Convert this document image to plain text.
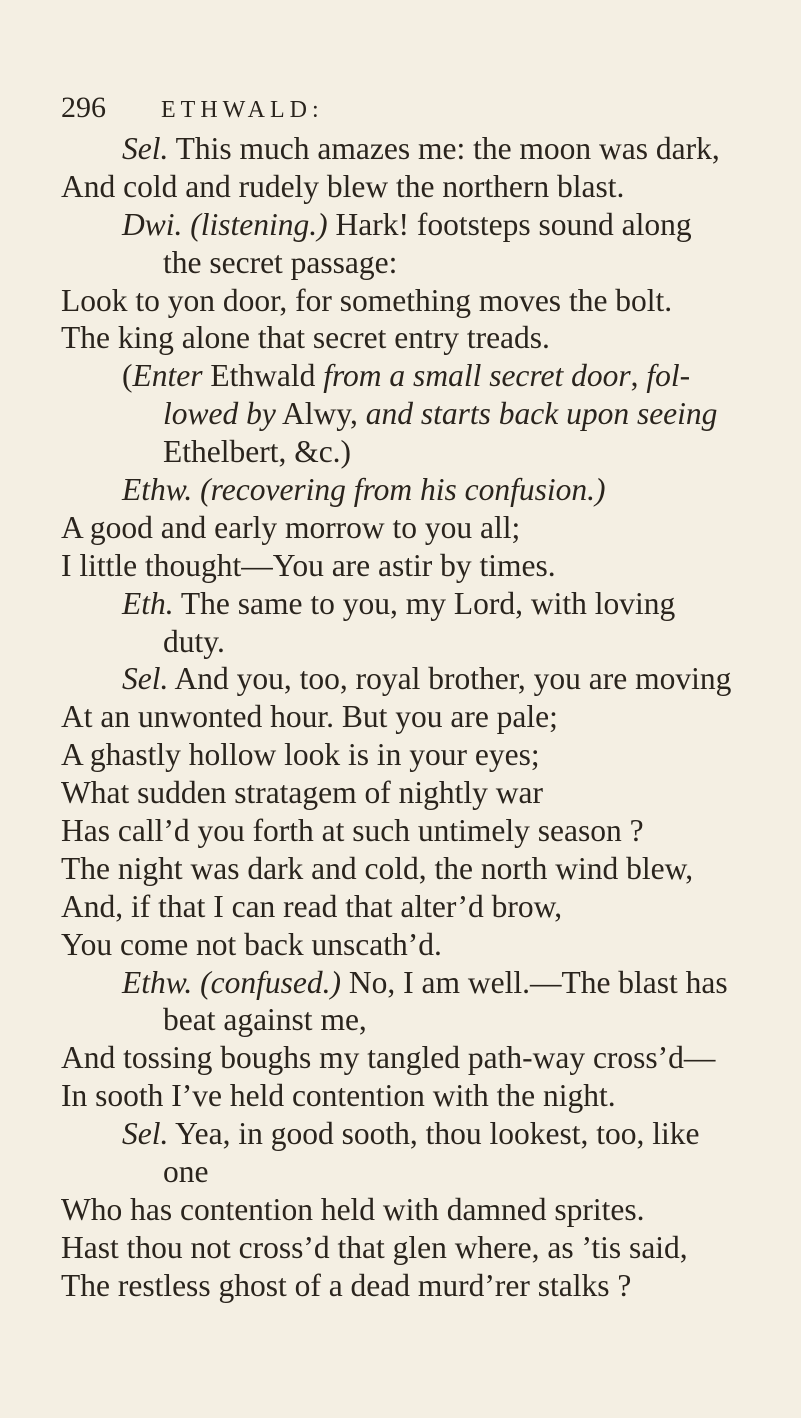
296 ETHWALD:
Sel. This much amazes me: the moon was dark,
And cold and rudely blew the northern blast.
Dwi. (listening.) Hark! footsteps sound along
the secret passage:
Look to yon door, for something moves the bolt.
The king alone that secret entry treads.
(Enter Ethwald from a small secret door, fol-
lowed by Alwy, and starts back upon seeing
Ethelbert, &c.)
Ethw. (recovering from his confusion.)
A good and early morrow to you all;
I little thought—You are astir by times.
Eth. The same to you, my Lord, with loving
duty.
Sel. And you, too, royal brother, you are moving
At an unwonted hour. But you are pale;
A ghastly hollow look is in your eyes;
What sudden stratagem of nightly war
Has call’d you forth at such untimely season ?
The night was dark and cold, the north wind blew,
And, if that I can read that alter’d brow,
You come not back unscath’d.
Ethw. (confused.) No, I am well.—The blast has
beat against me,
And tossing boughs my tangled path-way cross’d—
In sooth I’ve held contention with the night.
Sel. Yea, in good sooth, thou lookest, too, like
one
Who has contention held with damned sprites.
Hast thou not cross’d that glen where, as ’tis said,
The restless ghost of a dead murd’rer stalks ?
